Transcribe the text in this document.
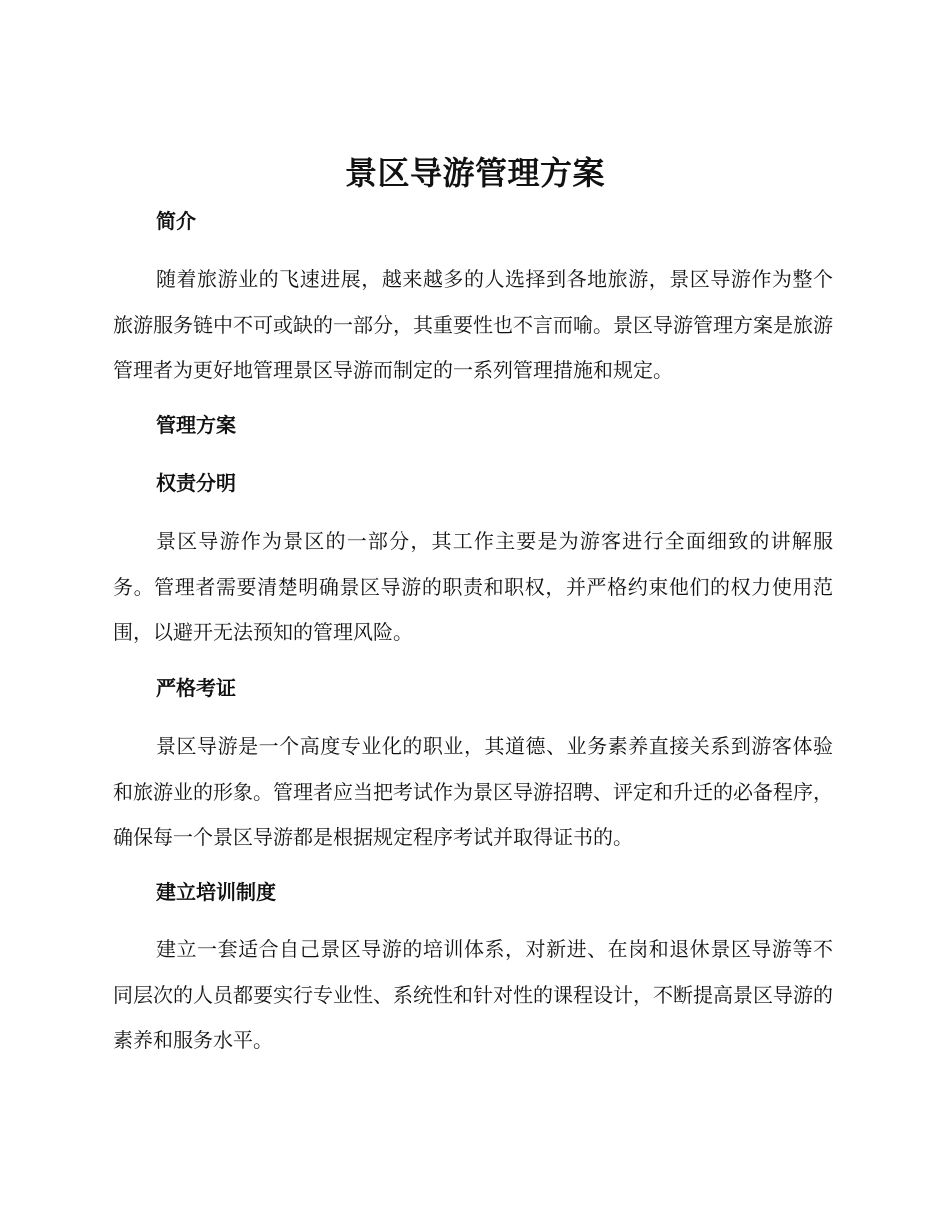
景区导游管理方案
简介
随着旅游业的飞速进展，越来越多的人选择到各地旅游，景区导游作为整个旅游服务链中不可或缺的一部分，其重要性也不言而喻。景区导游管理方案是旅游管理者为更好地管理景区导游而制定的一系列管理措施和规定。
管理方案
权责分明
景区导游作为景区的一部分，其工作主要是为游客进行全面细致的讲解服务。管理者需要清楚明确景区导游的职责和职权，并严格约束他们的权力使用范围，以避开无法预知的管理风险。
严格考证
景区导游是一个高度专业化的职业，其道德、业务素养直接关系到游客体验和旅游业的形象。管理者应当把考试作为景区导游招聘、评定和升迁的必备程序，确保每一个景区导游都是根据规定程序考试并取得证书的。
建立培训制度
建立一套适合自己景区导游的培训体系，对新进、在岗和退休景区导游等不同层次的人员都要实行专业性、系统性和针对性的课程设计，不断提高景区导游的素养和服务水平。
